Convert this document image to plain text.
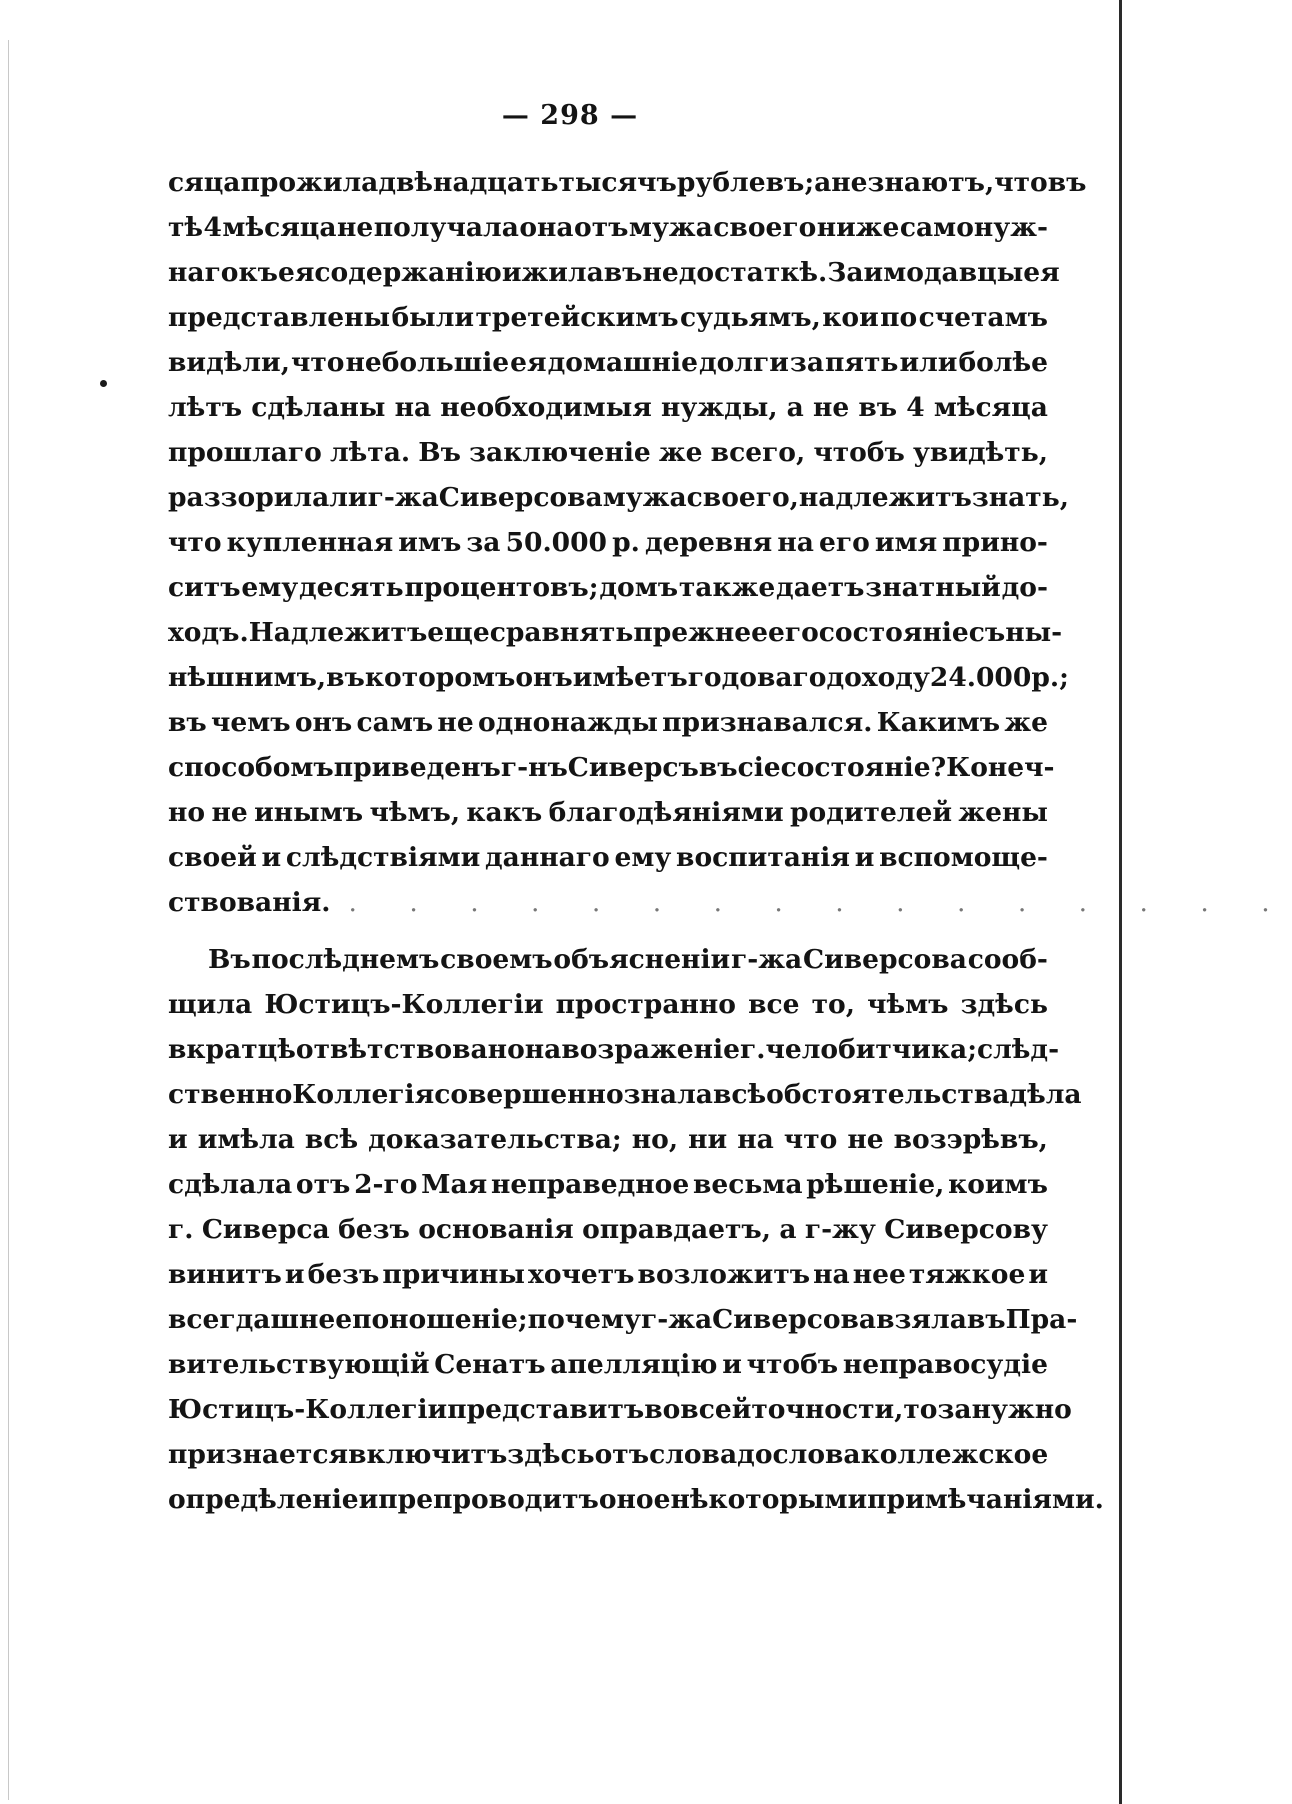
— 298 —
сяца прожила двѣнадцать тысячъ рублевъ; а не знаютъ, что въ
тѣ 4 мѣсяца не получала она отъ мужа своего ниже самонуж-
наго къ ея содержанію и жила въ недостаткѣ. Заимодавцы ея
представлены были третейскимъ судьямъ, кои по счетамъ
видѣли, что небольшіе ея домашніе долги за пять или болѣе
лѣтъ сдѣланы на необходимыя нужды, а не въ 4 мѣсяца
прошлаго лѣта. Въ заключеніе же всего, чтобъ увидѣть,
раззорила ли г-жа Сиверсова мужа своего, надлежитъ знать,
что купленная имъ за 50.000 р. деревня на его имя прино-
ситъ ему десять процентовъ; домъ также даетъ знатный до-
ходъ. Надлежитъ еще сравнять прежнее его состояніе съ ны-
нѣшнимъ, въ которомъ онъ имѣетъ годоваго доходу 24.000 р.;
въ чемъ онъ самъ не однонажды признавался. Какимъ же
способомъ приведенъ г-нъ Сиверсъ въ сіе состояніе? Конеч-
но не инымъ чѣмъ, какъ благодѣяніями родителей жены
своей и слѣдствіями даннаго ему воспитанія и вспомоще-
ствованія. . . . . . . . . . . . . . . . .
Въ послѣднемъ своемъ объясненіи г-жа Сиверсова сооб-
щила Юстицъ-Коллегіи пространно все то, чѣмъ здѣсь
вкратцѣ отвѣтствовано на возраженіе г. челобитчика; слѣд-
ственно Коллегія совершенно знала всѣ обстоятельства дѣла
и имѣла всѣ доказательства; но, ни на что не возэрѣвъ,
сдѣлала отъ 2-го Мая неправедное весьма рѣшеніе, коимъ
г. Сиверса безъ основанія оправдаетъ, а г-жу Сиверсову
винитъ и безъ причины хочетъ возложитъ на нее тяжкое и
всегдашнее поношеніе; почему г-жа Сиверсова взяла въ Пра-
вительствующій Сенатъ апелляцію и чтобъ неправосудіе
Юстицъ-Коллегіи представитъ во всей точности, то за нужно
признается включитъ здѣсь отъ слова до слова коллежское
опредѣленіе и препроводитъ оное нѣкоторыми примѣчаніями.
